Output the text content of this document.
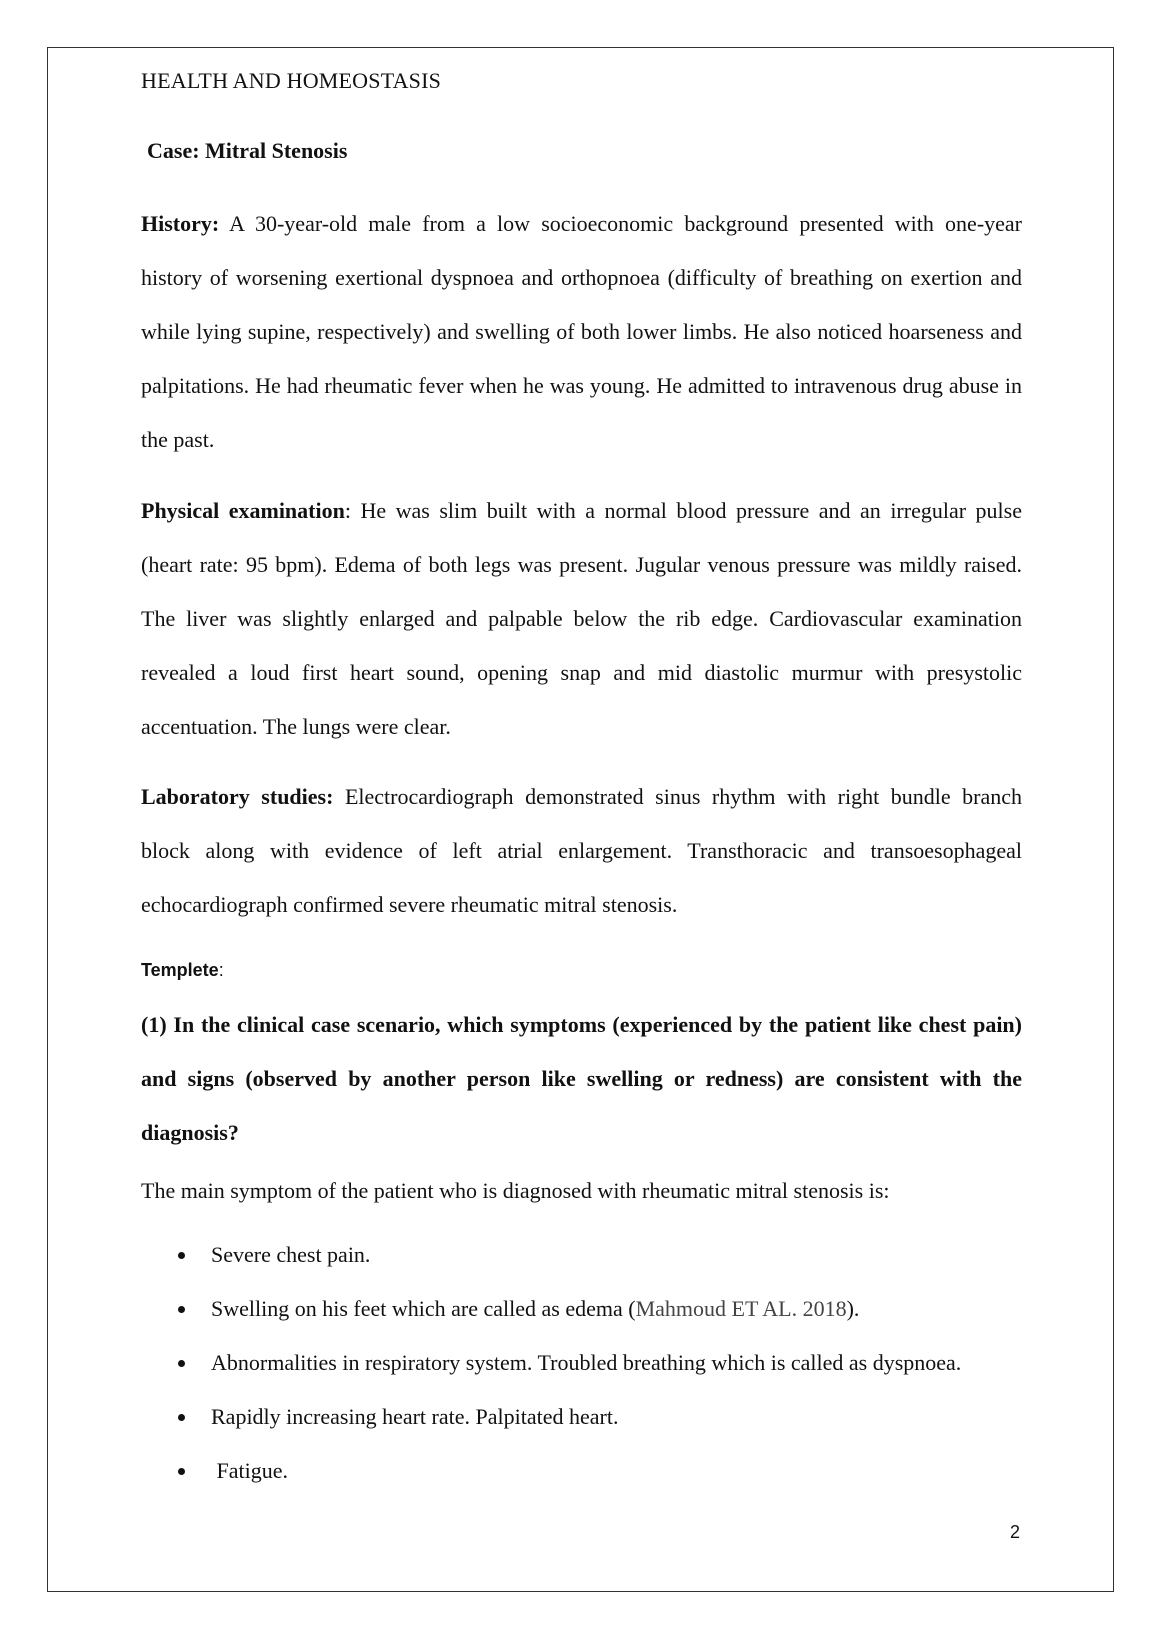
HEALTH AND HOMEOSTASIS
Case: Mitral Stenosis

History: A 30-year-old male from a low socioeconomic background presented with one-year history of worsening exertional dyspnoea and orthopnoea (difficulty of breathing on exertion and while lying supine, respectively) and swelling of both lower limbs. He also noticed hoarseness and palpitations. He had rheumatic fever when he was young. He admitted to intravenous drug abuse in the past.

Physical examination: He was slim built with a normal blood pressure and an irregular pulse (heart rate: 95 bpm). Edema of both legs was present. Jugular venous pressure was mildly raised. The liver was slightly enlarged and palpable below the rib edge. Cardiovascular examination revealed a loud first heart sound, opening snap and mid diastolic murmur with presystolic accentuation. The lungs were clear.

Laboratory studies: Electrocardiograph demonstrated sinus rhythm with right bundle branch block along with evidence of left atrial enlargement. Transthoracic and transoesophageal echocardiograph confirmed severe rheumatic mitral stenosis.

Templete:

(1) In the clinical case scenario, which symptoms (experienced by the patient like chest pain) and signs (observed by another person like swelling or redness) are consistent with the diagnosis?

The main symptom of the patient who is diagnosed with rheumatic mitral stenosis is:
Severe chest pain.
Swelling on his feet which are called as edema (Mahmoud ET AL. 2018).
Abnormalities in respiratory system. Troubled breathing which is called as dyspnoea.
Rapidly increasing heart rate. Palpitated heart.
Fatigue.
2
